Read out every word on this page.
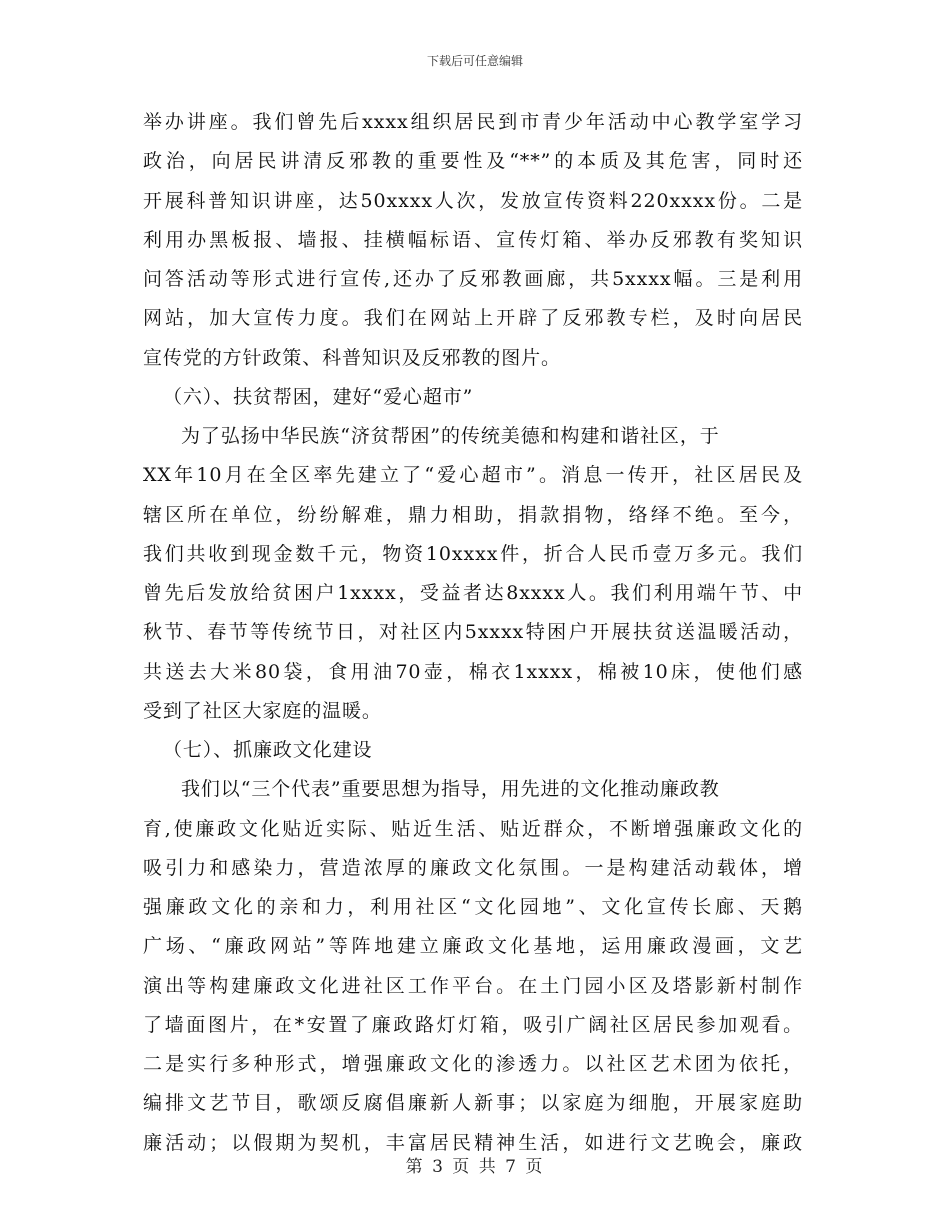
下载后可任意编辑
举办讲座。我们曾先后xxxx组织居民到市青少年活动中心教学室学习
政治，向居民讲清反邪教的重要性及“**”的本质及其危害，同时还
开展科普知识讲座，达50xxxx人次，发放宣传资料220xxxx份。二是
利用办黑板报、墙报、挂横幅标语、宣传灯箱、举办反邪教有奖知识
问答活动等形式进行宣传,还办了反邪教画廊，共5xxxx幅。三是利用
网站，加大宣传力度。我们在网站上开辟了反邪教专栏，及时向居民
宣传党的方针政策、科普知识及反邪教的图片。
（六）、扶贫帮困，建好“爱心超市”
为了弘扬中华民族“济贫帮困”的传统美德和构建和谐社区，于
XX年10月在全区率先建立了“爱心超市”。消息一传开，社区居民及
辖区所在单位，纷纷解难，鼎力相助，捐款捐物，络绎不绝。至今，
我们共收到现金数千元，物资10xxxx件，折合人民币壹万多元。我们
曾先后发放给贫困户1xxxx，受益者达8xxxx人。我们利用端午节、中
秋节、春节等传统节日，对社区内5xxxx特困户开展扶贫送温暖活动，
共送去大米80袋，食用油70壶，棉衣1xxxx，棉被10床，使他们感
受到了社区大家庭的温暖。
（七）、抓廉政文化建设
我们以“三个代表”重要思想为指导，用先进的文化推动廉政教
育,使廉政文化贴近实际、贴近生活、贴近群众，不断增强廉政文化的
吸引力和感染力，营造浓厚的廉政文化氛围。一是构建活动载体，增
强廉政文化的亲和力，利用社区“文化园地”、文化宣传长廊、天鹅
广场、“廉政网站”等阵地建立廉政文化基地，运用廉政漫画，文艺
演出等构建廉政文化进社区工作平台。在土门园小区及塔影新村制作
了墙面图片，在*安置了廉政路灯灯箱，吸引广阔社区居民参加观看。
二是实行多种形式，增强廉政文化的渗透力。以社区艺术团为依托，
编排文艺节目，歌颂反腐倡廉新人新事；以家庭为细胞，开展家庭助
廉活动；以假期为契机，丰富居民精神生活，如进行文艺晚会，廉政
第 3 页 共 7 页
